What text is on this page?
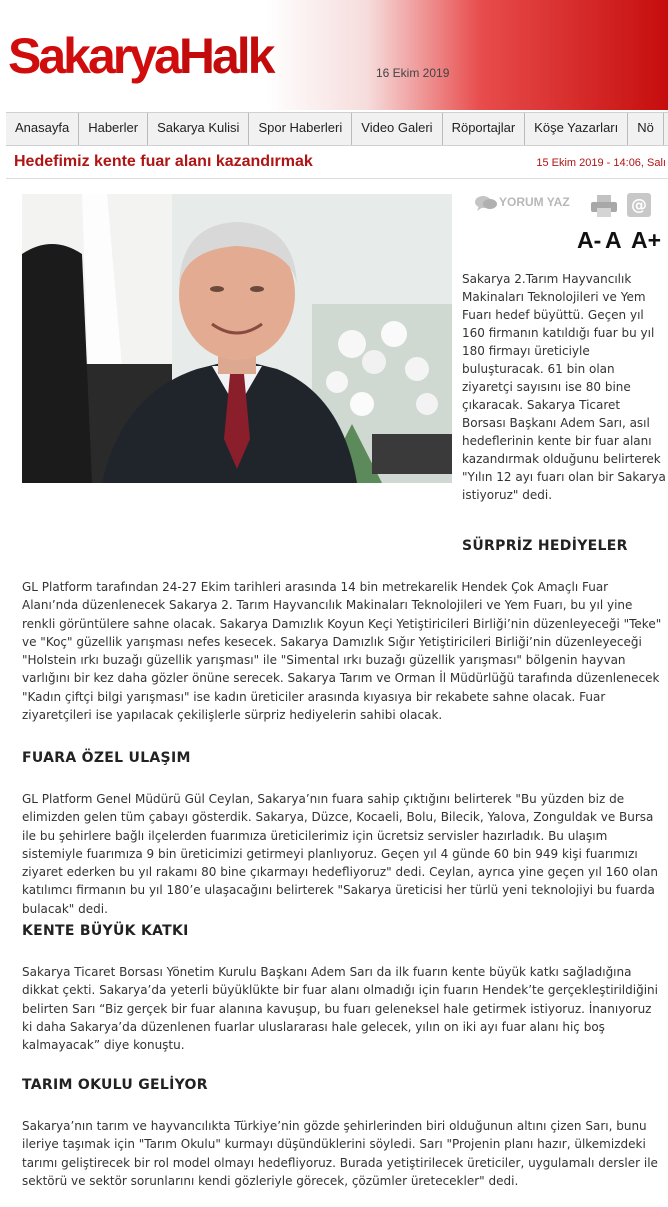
SakaryaHalk	16 Ekim 2019
Anasayfa	Haberler	Sakarya Kulisi	Spor Haberleri	Video Galeri	Röportajlar	Köşe Yazarları	Nö
Hedefimiz kente fuar alanı kazandırmak	15 Ekim 2019 - 14:06, Salı
YORUM YAZ	@
A- A A+
Sakarya 2.Tarım Hayvancılık Makinaları Teknolojileri ve Yem Fuarı hedef büyüttü. Geçen yıl 160 firmanın katıldığı fuar bu yıl 180 firmayı üreticiyle buluşturacak. 61 bin olan ziyaretçi sayısını ise 80 bine çıkaracak. Sakarya Ticaret Borsası Başkanı Adem Sarı, asıl hedeflerinin kente bir fuar alanı kazandırmak olduğunu belirterek "Yılın 12 ayı fuarı olan bir Sakarya istiyoruz" dedi.
SÜRPRİZ HEDİYELER

GL Platform tarafından 24-27 Ekim tarihleri arasında 14 bin metrekarelik Hendek Çok Amaçlı Fuar Alanı’nda düzenlenecek Sakarya 2. Tarım Hayvancılık Makinaları Teknolojileri ve Yem Fuarı, bu yıl yine renkli görüntülere sahne olacak. Sakarya Damızlık Koyun Keçi Yetiştiricileri Birliği’nin düzenleyeceği "Teke" ve "Koç" güzellik yarışması nefes kesecek. Sakarya Damızlık Sığır Yetiştiricileri Birliği’nin düzenleyeceği "Holstein ırkı buzağı güzellik yarışması" ile "Simental ırkı buzağı güzellik yarışması" bölgenin hayvan varlığını bir kez daha gözler önüne serecek. Sakarya Tarım ve Orman İl Müdürlüğü tarafında düzenlenecek "Kadın çiftçi bilgi yarışması" ise kadın üreticiler arasında kıyasıya bir rekabete sahne olacak. Fuar ziyaretçileri ise yapılacak çekilişlerle sürpriz hediyelerin sahibi olacak.

FUARA ÖZEL ULAŞIM

GL Platform Genel Müdürü Gül Ceylan, Sakarya’nın fuara sahip çıktığını belirterek "Bu yüzden biz de elimizden gelen tüm çabayı gösterdik. Sakarya, Düzce, Kocaeli, Bolu, Bilecik, Yalova, Zonguldak ve Bursa ile bu şehirlere bağlı ilçelerden fuarımıza üreticilerimiz için ücretsiz servisler hazırladık. Bu ulaşım sistemiyle fuarımıza 9 bin üreticimizi getirmeyi planlıyoruz. Geçen yıl 4 günde 60 bin 949 kişi fuarımızı ziyaret ederken bu yıl rakamı 80 bine çıkarmayı hedefliyoruz" dedi. Ceylan, ayrıca yine geçen yıl 160 olan katılımcı firmanın bu yıl 180’e ulaşacağını belirterek "Sakarya üreticisi her türlü yeni teknolojiyi bu fuarda bulacak" dedi.

KENTE BÜYÜK KATKI

Sakarya Ticaret Borsası Yönetim Kurulu Başkanı Adem Sarı da ilk fuarın kente büyük katkı sağladığına dikkat çekti. Sakarya’da yeterli büyüklükte bir fuar alanı olmadığı için fuarın Hendek’te gerçekleştirildiğini belirten Sarı “Biz gerçek bir fuar alanına kavuşup, bu fuarı geleneksel hale getirmek istiyoruz. İnanıyoruz ki daha Sakarya’da düzenlenen fuarlar uluslararası hale gelecek, yılın on iki ayı fuar alanı hiç boş kalmayacak” diye konuştu.

TARIM OKULU GELİYOR

Sakarya’nın tarım ve hayvancılıkta Türkiye’nin gözde şehirlerinden biri olduğunun altını çizen Sarı, bunu ileriye taşımak için "Tarım Okulu" kurmayı düşündüklerini söyledi. Sarı "Projenin planı hazır, ülkemizdeki tarımı geliştirecek bir rol model olmayı hedefliyoruz. Burada yetiştirilecek üreticiler, uygulamalı dersler ile sektörü ve sektör sorunlarını kendi gözleriyle görecek, çözümler üretecekler" dedi.
